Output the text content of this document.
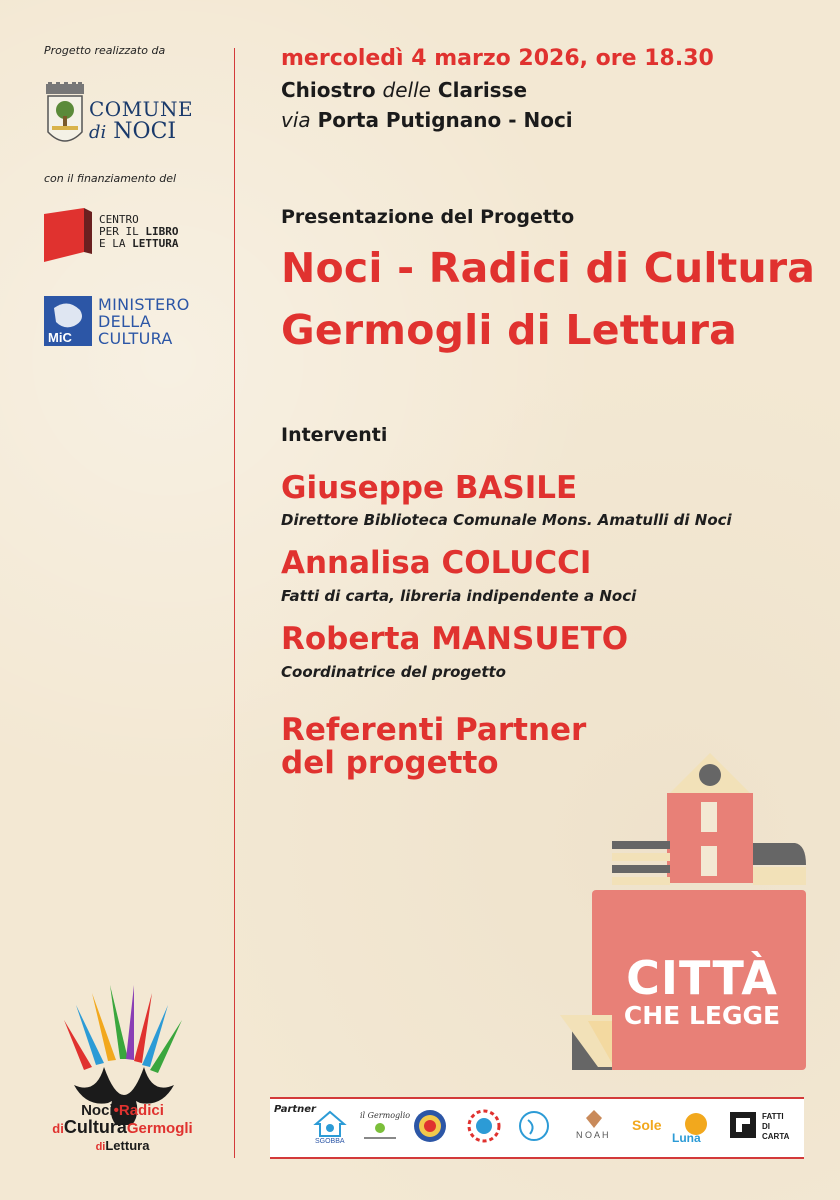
Progetto realizzato da
COMUNE
di NOCI
con il finanziamento del
CENTRO
PER IL LIBRO
E LA LETTURA
MiC
MINISTERO
DELLA
CULTURA
Noci•Radici
diCulturaGermogli
diLettura
mercoledì 4 marzo 2026, ore 18.30
Chiostro delle Clarisse
via Porta Putignano - Noci
Presentazione del Progetto
Noci - Radici di Cultura
Germogli di Lettura
Interventi
Giuseppe BASILE
Direttore Biblioteca Comunale Mons. Amatulli di Noci
Annalisa COLUCCI
Fatti di carta, libreria indipendente a Noci
Roberta MANSUETO
Coordinatrice del progetto
Referenti Partner
del progetto
CITTÀ
CHE LEGGE
Partner
SGOBBA
il Germoglio
N O A H
Sole
Luna
FATTI
DI
CARTA
